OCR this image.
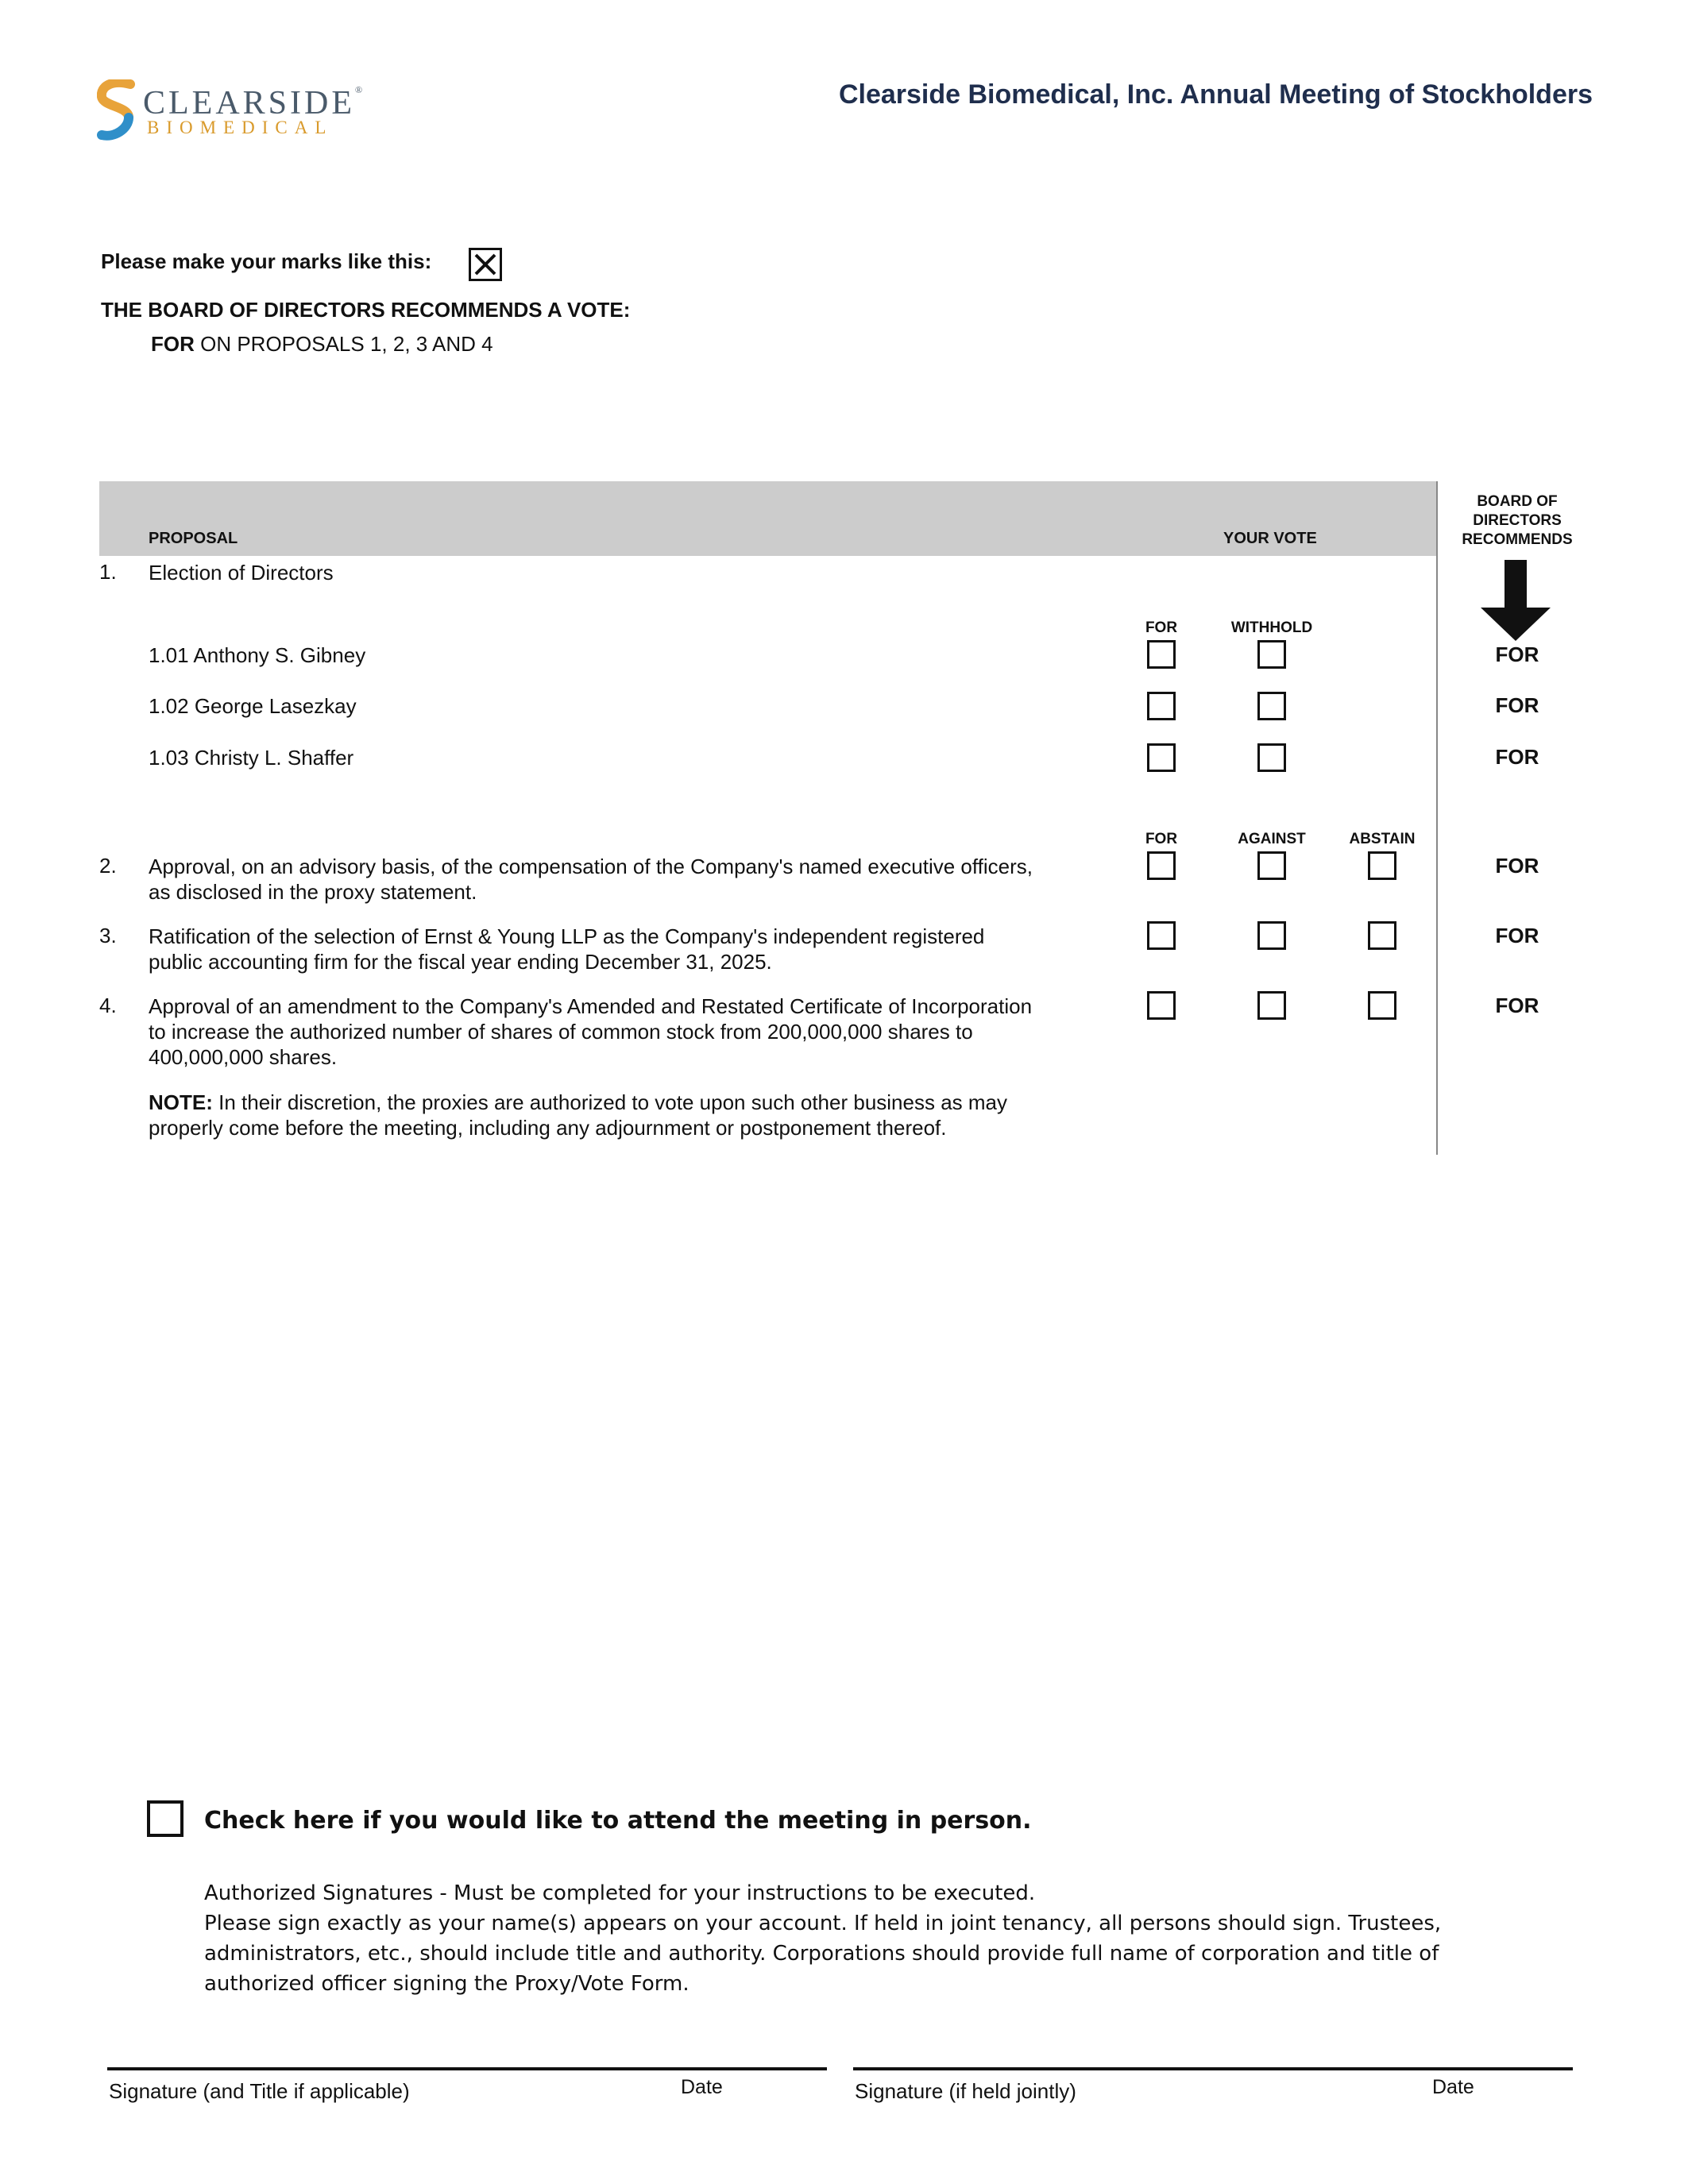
CLEARSIDE®
BIOMEDICAL
Clearside Biomedical, Inc. Annual Meeting of Stockholders
Please make your marks like this:
THE BOARD OF DIRECTORS RECOMMENDS A VOTE:
FOR ON PROPOSALS 1, 2, 3 AND 4
PROPOSAL	YOUR VOTE
BOARD OF DIRECTORS RECOMMENDS
1. Election of Directors
FOR	WITHHOLD
1.01 Anthony S. Gibney	FOR
1.02 George Lasezkay	FOR
1.03 Christy L. Shaffer	FOR
FOR	AGAINST	ABSTAIN
2. Approval, on an advisory basis, of the compensation of the Company's named executive officers,
as disclosed in the proxy statement.
FOR
3. Ratification of the selection of Ernst & Young LLP as the Company's independent registered
public accounting firm for the fiscal year ending December 31, 2025.
FOR
4. Approval of an amendment to the Company's Amended and Restated Certificate of Incorporation
to increase the authorized number of shares of common stock from 200,000,000 shares to
400,000,000 shares.
FOR
NOTE: In their discretion, the proxies are authorized to vote upon such other business as may
properly come before the meeting, including any adjournment or postponement thereof.
Check here if you would like to attend the meeting in person.
Authorized Signatures - Must be completed for your instructions to be executed.
Please sign exactly as your name(s) appears on your account. If held in joint tenancy, all persons should sign. Trustees,
administrators, etc., should include title and authority. Corporations should provide full name of corporation and title of
authorized officer signing the Proxy/Vote Form.
Signature (and Title if applicable)	Date	Signature (if held jointly)	Date
